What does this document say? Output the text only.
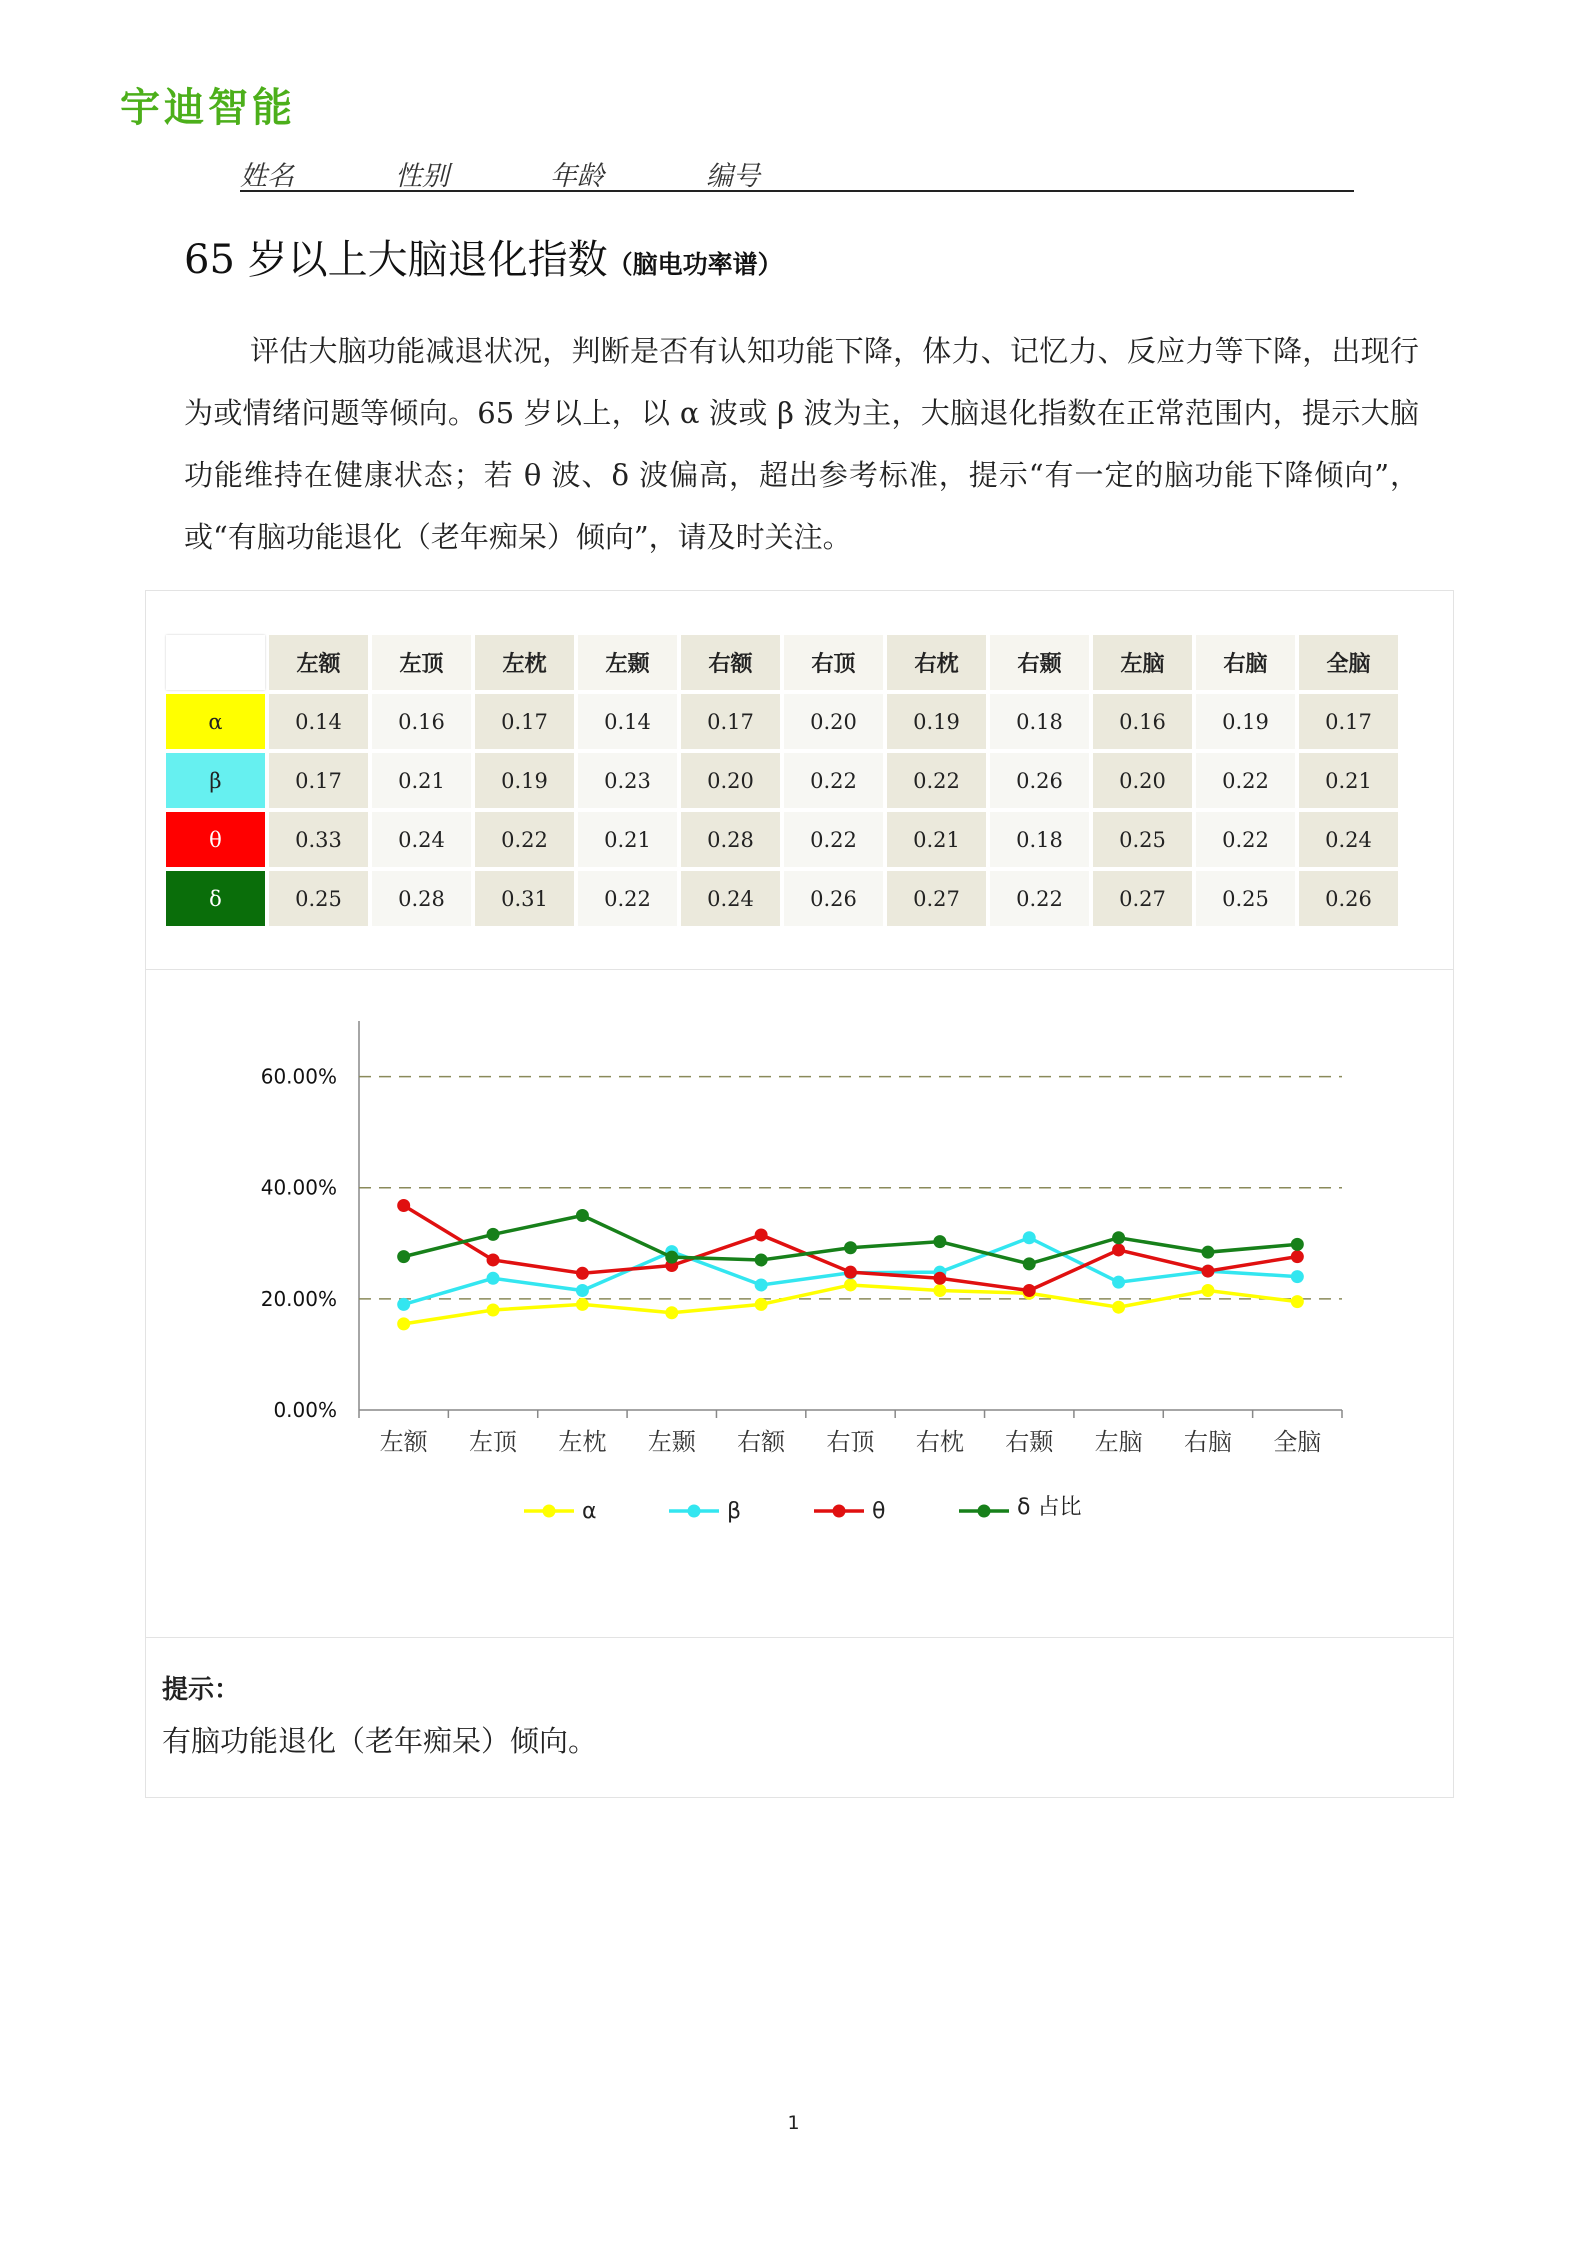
宇迪智能
姓名	性别	年龄	编号
65 岁以上大脑退化指数（脑电功率谱）
评估大脑功能减退状况，判断是否有认知功能下降，体力、记忆力、反应力等下降，出现行为或情绪问题等倾向。65 岁以上，以 α 波或 β 波为主，大脑退化指数在正常范围内，提示大脑功能维持在健康状态；若 θ 波、δ 波偏高，超出参考标准，提示“有一定的脑功能下降倾向”，或“有脑功能退化（老年痴呆）倾向”，请及时关注。
	左额	左顶	左枕	左颞	右额	右顶	右枕	右颞	左脑	右脑	全脑
α	0.14	0.16	0.17	0.14	0.17	0.20	0.19	0.18	0.16	0.19	0.17
β	0.17	0.21	0.19	0.23	0.20	0.22	0.22	0.26	0.20	0.22	0.21
θ	0.33	0.24	0.22	0.21	0.28	0.22	0.21	0.18	0.25	0.22	0.24
δ	0.25	0.28	0.31	0.22	0.24	0.26	0.27	0.22	0.27	0.25	0.26
0.00%
20.00%
40.00%
60.00%
左额 左顶 左枕 左颞 右额 右顶 右枕 右颞 左脑 右脑 全脑
α	β	θ	δ 占比
提示：
有脑功能退化（老年痴呆）倾向。
1
